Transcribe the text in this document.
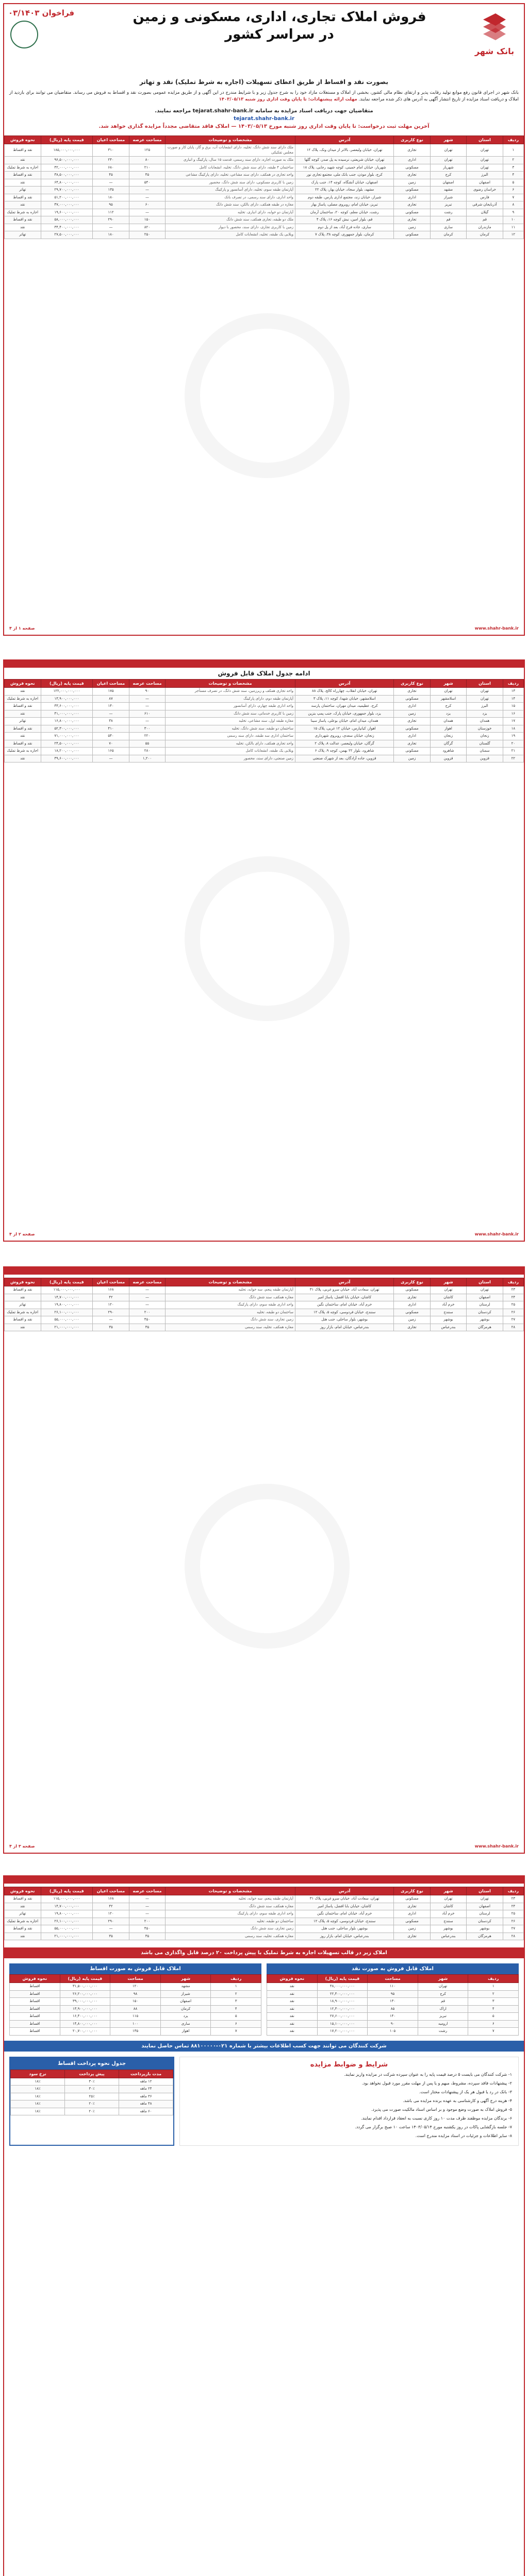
بانک شهر
فروش املاک تجاری، اداری، مسکونی و زمین
در سراسر کشور
فراخوان ۰۳/۱۴۰۳
بصورت نقد و اقساط از طریق اعطای تسهیلات (اجاره به شرط تملیک) نقد و تهاتر
بانک شهر در اجرای قانون رفع موانع تولید رقابت پذیر و ارتقای نظام مالی کشور، بخشی از املاک و مستغلات مازاد خود را به شرح جدول زیر و با شرایط مندرج در این آگهی و از طریق مزایده عمومی بصورت نقد و اقساط به فروش می رساند. متقاضیان می توانند برای بازدید از املاک و دریافت اسناد مزایده از تاریخ انتشار آگهی به آدرس های ذکر شده مراجعه نمایند. مهلت ارائه پیشنهادات: تا پایان وقت اداری روز شنبه ۱۴۰۳/۰۵/۱۳
متقاضیان جهت دریافت اسناد مزایده به سامانه tejarat.shahr-bank.ir مراجعه نمایند.
tejarat.shahr-bank.ir
آخرین مهلت ثبت درخواست: تا پایان وقت اداری روز شنبه مورخ ۱۴۰۳/۰۵/۱۳ — املاک فاقد متقاضی مجدداً مزایده گذاری خواهد شد.
ردیف	استان	شهر	نوع کاربری	آدرس	مشخصات و توضیحات	مساحت عرصه	مساحت اعیان	قیمت پایه (ریال)	نحوه فروش
۱	تهران	تهران	تجاری	تهران، خیابان ولیعصر، بالاتر از میدان ونک، پلاک ۱۲	ملک دارای سند شش دانگ، تخلیه، دارای انشعابات آب، برق و گاز، پایان کار و صورت مجلس تفکیکی	۱۲۵	۳۱۰	۱۸۵,۰۰۰,۰۰۰,۰۰۰	نقد و اقساط
۲	تهران	تهران	اداری	تهران، خیابان شریعتی، نرسیده به پل صدر، کوچه گلها	ملک به صورت اجاره، دارای سند رسمی، قدمت ۱۵ سال، پارکینگ و انباری	۸۰	۲۴۰	۹۶,۵۰۰,۰۰۰,۰۰۰	نقد
۳	تهران	شهریار	مسکونی	شهریار، خیابان امام خمینی، کوچه شهید رجایی، پلاک ۱۸	ساختمان ۴ طبقه، دارای سند شش دانگ، تخلیه، انشعابات کامل	۲۱۰	۶۸۰	۴۲,۰۰۰,۰۰۰,۰۰۰	اجاره به شرط تملیک
۴	البرز	کرج	تجاری	کرج، بلوار موذن، جنب بانک ملی، مجتمع تجاری نور	واحد تجاری در همکف، دارای سند مشاعی، تخلیه، دارای پارکینگ مشاعی	۴۵	۴۵	۳۸,۵۰۰,۰۰۰,۰۰۰	نقد و اقساط
۵	اصفهان	اصفهان	زمین	اصفهان، خیابان آتشگاه، کوچه ۱۴، جنب پارک	زمین با کاربری مسکونی، دارای سند شش دانگ، محصور	۵۴۰	—	۶۴,۸۰۰,۰۰۰,۰۰۰	نقد
۶	خراسان رضوی	مشهد	مسکونی	مشهد، بلوار سجاد، خیابان بهار، پلاک ۲۲	آپارتمان طبقه سوم، تخلیه، دارای آسانسور و پارکینگ	—	۱۳۵	۲۹,۷۰۰,۰۰۰,۰۰۰	تهاتر
۷	فارس	شیراز	اداری	شیراز، خیابان زند، مجتمع اداری پارس، طبقه دوم	واحد اداری، دارای سند رسمی، در تصرف بانک	—	۱۸۰	۵۱,۲۰۰,۰۰۰,۰۰۰	نقد و اقساط
۸	آذربایجان شرقی	تبریز	تجاری	تبریز، خیابان امام، روبروی مصلی، پاساژ بهار	مغازه در طبقه همکف، دارای بالکن، سند شش دانگ	۶۰	۹۵	۴۷,۰۰۰,۰۰۰,۰۰۰	نقد
۹	گیلان	رشت	مسکونی	رشت، خیابان معلم، کوچه ۲۰، ساختمان آرمان	آپارتمان دو خوابه، دارای انباری، تخلیه	—	۱۱۲	۱۹,۶۰۰,۰۰۰,۰۰۰	اجاره به شرط تملیک
۱۰	قم	قم	تجاری	قم، بلوار امین، نبش کوچه ۱۶، پلاک ۴	ملک دو طبقه، تجاری همکف، سند شش دانگ	۱۵۰	۲۹۰	۵۸,۰۰۰,۰۰۰,۰۰۰	نقد و اقساط
۱۱	مازندران	ساری	زمین	ساری، جاده فرح آباد، بعد از پل دوم	زمین با کاربری تجاری، دارای سند، محصور با دیوار	۸۲۰	—	۳۴,۴۰۰,۰۰۰,۰۰۰	نقد
۱۲	کرمان	کرمان	مسکونی	کرمان، بلوار جمهوری، کوچه ۳۸، پلاک ۷	ویلایی یک طبقه، تخلیه، انشعابات کامل	۲۵۰	۱۸۰	۲۷,۵۰۰,۰۰۰,۰۰۰	تهاتر
www.shahr-bank.ir
صفحه ۱ از ۴
ادامه جدول املاک قابل فروش
ردیف	استان	شهر	نوع کاربری	آدرس	مشخصات و توضیحات	مساحت عرصه	مساحت اعیان	قیمت پایه (ریال)	نحوه فروش
۱۳	تهران	تهران	تجاری	تهران، خیابان انقلاب، چهارراه کالج، پلاک ۸۸	واحد تجاری همکف و زیرزمین، سند شش دانگ، در تصرف مستأجر	۹۰	۱۷۵	۱۲۲,۰۰۰,۰۰۰,۰۰۰	نقد
۱۴	تهران	اسلامشهر	مسکونی	اسلامشهر، خیابان شهدا، کوچه ۱۱، پلاک ۳	آپارتمان طبقه دوم، دارای پارکینگ	—	۸۷	۱۳,۹۰۰,۰۰۰,۰۰۰	اجاره به شرط تملیک
۱۵	البرز	کرج	اداری	کرج، عظیمیه، میدان مهران، ساختمان پارسه	واحد اداری طبقه چهارم، دارای آسانسور	—	۱۴۰	۳۳,۶۰۰,۰۰۰,۰۰۰	نقد و اقساط
۱۶	یزد	یزد	زمین	یزد، بلوار جمهوری، خیابان پارک، جنب پمپ بنزین	زمین با کاربری خدماتی، سند شش دانگ	۶۱۰	—	۴۱,۰۰۰,۰۰۰,۰۰۰	نقد
۱۷	همدان	همدان	تجاری	همدان، میدان امام، خیابان بوعلی، پاساژ سینا	مغازه طبقه اول، سند مشاعی، تخلیه	—	۳۸	۱۶,۸۰۰,۰۰۰,۰۰۰	تهاتر
۱۸	خوزستان	اهواز	مسکونی	اهواز، کیانپارس، خیابان ۱۲ غربی، پلاک ۱۵	ساختمان دو طبقه، سند شش دانگ، تخلیه	۳۰۰	۴۱۰	۵۲,۳۰۰,۰۰۰,۰۰۰	نقد و اقساط
۱۹	زنجان	زنجان	اداری	زنجان، خیابان سعدی، روبروی شهرداری	ساختمان اداری سه طبقه، دارای سند رسمی	۲۲۰	۵۴۰	۷۱,۰۰۰,۰۰۰,۰۰۰	نقد
۲۰	گلستان	گرگان	تجاری	گرگان، خیابان ولیعصر، عدالت ۸، پلاک ۲	واحد تجاری همکف، دارای بالکن، تخلیه	۵۵	۷۰	۲۴,۵۰۰,۰۰۰,۰۰۰	نقد و اقساط
۲۱	سمنان	شاهرود	مسکونی	شاهرود، بلوار ۲۲ بهمن، کوچه ۹، پلاک ۶	ویلایی یک طبقه، انشعابات کامل	۲۸۰	۱۶۵	۱۸,۲۰۰,۰۰۰,۰۰۰	اجاره به شرط تملیک
۲۲	قزوین	قزوین	زمین	قزوین، جاده آزادگان، بعد از شهرک صنعتی	زمین صنعتی، دارای سند، محصور	۱,۲۰۰	—	۳۹,۶۰۰,۰۰۰,۰۰۰	نقد
www.shahr-bank.ir
صفحه ۲ از ۴
ردیف	استان	شهر	نوع کاربری	آدرس	مشخصات و توضیحات	مساحت عرصه	مساحت اعیان	قیمت پایه (ریال)	نحوه فروش
۲۳	تهران	تهران	مسکونی	تهران، سعادت آباد، خیابان سرو غربی، پلاک ۳۱	آپارتمان طبقه پنجم، سه خوابه، تخلیه	—	۱۶۸	۱۱۵,۰۰۰,۰۰۰,۰۰۰	نقد و اقساط
۲۴	اصفهان	کاشان	تجاری	کاشان، خیابان بابا افضل، پاساژ امیر	مغازه همکف، سند شش دانگ	—	۴۲	۱۴,۷۰۰,۰۰۰,۰۰۰	نقد
۲۵	لرستان	خرم آباد	اداری	خرم آباد، خیابان امام، ساختمان نگین	واحد اداری طبقه سوم، دارای پارکینگ	—	۱۲۰	۱۹,۸۰۰,۰۰۰,۰۰۰	تهاتر
۲۶	کردستان	سنندج	مسکونی	سنندج، خیابان فردوسی، کوچه ۵، پلاک ۱۲	ساختمان دو طبقه، تخلیه	۲۰۰	۲۹۰	۲۶,۱۰۰,۰۰۰,۰۰۰	اجاره به شرط تملیک
۲۷	بوشهر	بوشهر	زمین	بوشهر، بلوار ساحلی، جنب هتل	زمین تجاری، سند شش دانگ	۴۵۰	—	۵۵,۰۰۰,۰۰۰,۰۰۰	نقد و اقساط
۲۸	هرمزگان	بندرعباس	تجاری	بندرعباس، خیابان امام، بازار روز	مغازه همکف، تخلیه، سند رسمی	۳۵	۳۵	۲۱,۰۰۰,۰۰۰,۰۰۰	نقد
www.shahr-bank.ir
صفحه ۳ از ۴
ردیف	استان	شهر	نوع کاربری	آدرس	مشخصات و توضیحات	مساحت عرصه	مساحت اعیان	قیمت پایه (ریال)	نحوه فروش
۲۳	تهران	تهران	مسکونی	تهران، سعادت آباد، خیابان سرو غربی، پلاک ۳۱	آپارتمان طبقه پنجم، سه خوابه، تخلیه	—	۱۶۸	۱۱۵,۰۰۰,۰۰۰,۰۰۰	نقد و اقساط
۲۴	اصفهان	کاشان	تجاری	کاشان، خیابان بابا افضل، پاساژ امیر	مغازه همکف، سند شش دانگ	—	۴۲	۱۴,۷۰۰,۰۰۰,۰۰۰	نقد
۲۵	لرستان	خرم آباد	اداری	خرم آباد، خیابان امام، ساختمان نگین	واحد اداری طبقه سوم، دارای پارکینگ	—	۱۲۰	۱۹,۸۰۰,۰۰۰,۰۰۰	تهاتر
۲۶	کردستان	سنندج	مسکونی	سنندج، خیابان فردوسی، کوچه ۵، پلاک ۱۲	ساختمان دو طبقه، تخلیه	۲۰۰	۲۹۰	۲۶,۱۰۰,۰۰۰,۰۰۰	اجاره به شرط تملیک
۲۷	بوشهر	بوشهر	زمین	بوشهر، بلوار ساحلی، جنب هتل	زمین تجاری، سند شش دانگ	۴۵۰	—	۵۵,۰۰۰,۰۰۰,۰۰۰	نقد و اقساط
۲۸	هرمزگان	بندرعباس	تجاری	بندرعباس، خیابان امام، بازار روز	مغازه همکف، تخلیه، سند رسمی	۳۵	۳۵	۲۱,۰۰۰,۰۰۰,۰۰۰	نقد
املاک زیر در قالب تسهیلات اجاره به شرط تملیک با پیش پرداخت ۲۰ درصد قابل واگذاری می باشد
املاک قابل فروش به صورت نقد
ردیف	شهر	مساحت	قیمت پایه (ریال)	نحوه فروش
۱	تهران	۱۱۰	۴۸,۰۰۰,۰۰۰,۰۰۰	نقد
۲	کرج	۹۵	۲۲,۴۰۰,۰۰۰,۰۰۰	نقد
۳	قم	۱۳۰	۱۸,۹۰۰,۰۰۰,۰۰۰	نقد
۴	اراک	۸۵	۱۲,۳۰۰,۰۰۰,۰۰۰	نقد
۵	تبریز	۱۴۰	۲۷,۶۰۰,۰۰۰,۰۰۰	نقد
۶	ارومیه	۹۰	۱۵,۱۰۰,۰۰۰,۰۰۰	نقد
۷	رشت	۱۰۵	۱۷,۲۰۰,۰۰۰,۰۰۰	نقد
املاک قابل فروش به صورت اقساط
ردیف	شهر	مساحت	قیمت پایه (ریال)	نحوه فروش
۱	مشهد	۱۲۰	۳۱,۵۰۰,۰۰۰,۰۰۰	اقساط
۲	شیراز	۹۸	۲۶,۲۰۰,۰۰۰,۰۰۰	اقساط
۳	اصفهان	۱۵۰	۳۹,۰۰۰,۰۰۰,۰۰۰	اقساط
۴	کرمان	۸۸	۱۳,۹۰۰,۰۰۰,۰۰۰	اقساط
۵	یزد	۱۱۵	۱۶,۴۰۰,۰۰۰,۰۰۰	اقساط
۶	ساری	۱۰۰	۱۴,۸۰۰,۰۰۰,۰۰۰	اقساط
۷	اهواز	۱۳۵	۲۰,۷۰۰,۰۰۰,۰۰۰	اقساط
شرکت کنندگان می توانند جهت کسب اطلاعات بیشتر با شماره ۰۲۱-۸۸۱۰۰۰۰۰ تماس حاصل نمایند
شرایط و ضوابط مزایده

۱- شرکت کنندگان می بایست ۵ درصد قیمت پایه را به عنوان سپرده شرکت در مزایده واریز نمایند.

۲- پیشنهادات فاقد سپرده، مشروط، مبهم و یا پس از مهلت مقرر مورد قبول نخواهد بود.

۳- بانک در رد یا قبول هر یک از پیشنهادات مختار است.

۴- هزینه درج آگهی و کارشناسی به عهده برنده مزایده می باشد.

۵- فروش املاک به صورت وضع موجود و بر اساس اسناد مالکیت صورت می پذیرد.

۶- برندگان مزایده موظفند ظرف مدت ۱۰ روز کاری نسبت به انعقاد قرارداد اقدام نمایند.

۷- جلسه بازگشایی پاکات در روز یکشنبه مورخ ۱۴۰۳/۰۵/۱۴ ساعت ۱۰ صبح برگزار می گردد.

۸- سایر اطلاعات و جزئیات در اسناد مزایده مندرج است.

جدول نحوه پرداخت اقساط
مدت بازپرداخت	پیش پرداخت	نرخ سود
۱۲ ماهه	۳۰٪	۱۸٪
۲۴ ماهه	۳۰٪	۱۸٪
۳۶ ماهه	۲۵٪	۱۸٪
۴۸ ماهه	۲۰٪	۱۸٪
۶۰ ماهه	۲۰٪	۱۸٪
